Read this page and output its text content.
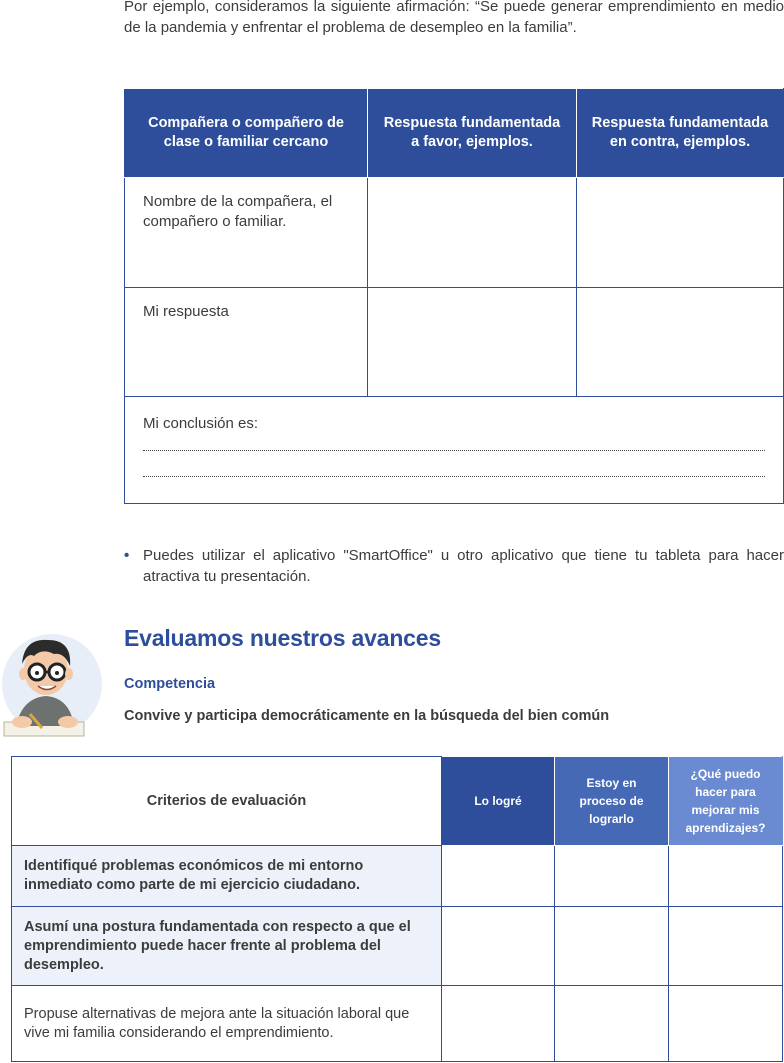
Por ejemplo, consideramos la siguiente afirmación: “Se puede generar emprendimiento en medio de la pandemia y enfrentar el problema de desempleo en la familia”.

Compañera o compañero de clase o familiar cercano	Respuesta fundamentada a favor, ejemplos.	Respuesta fundamentada en contra, ejemplos.
Nombre de la compañera, el compañero o familiar.		
Mi respuesta		

Mi conclusión es:		
• Puedes utilizar el aplicativo "SmartOffice" u otro aplicativo que tiene tu tableta para hacer atractiva tu presentación.
Evaluamos nuestros avances
Competencia
Convive y participa democráticamente en la búsqueda del bien común
Criterios de evaluación	Lo logré	Estoy en proceso de lograrlo	¿Qué puedo hacer para mejorar mis aprendizajes?
Identifiqué problemas económicos de mi entorno inmediato como parte de mi ejercicio ciudadano.			
Asumí una postura fundamentada con respecto a que el emprendimiento puede hacer frente al problema del desempleo.			
Propuse alternativas de mejora ante la situación laboral que vive mi familia considerando el emprendimiento.			
